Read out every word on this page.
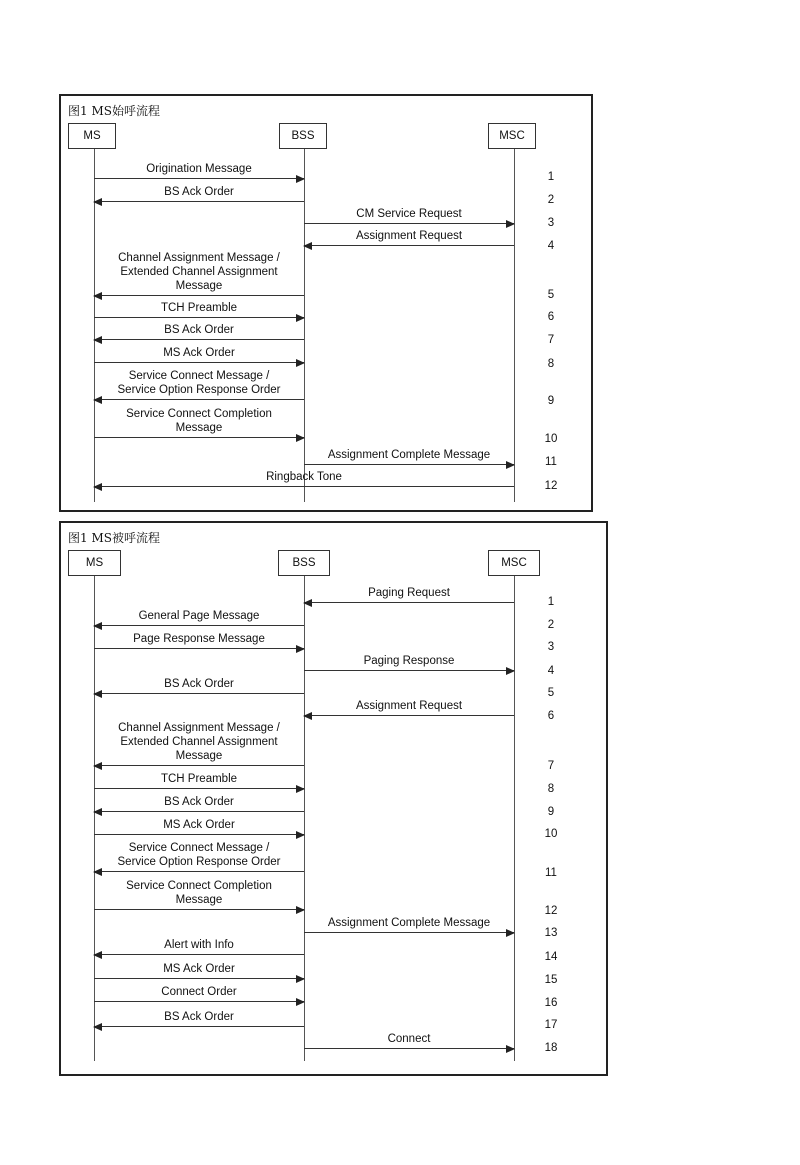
图1 MS始呼流程
MS	BSS	MSC
Origination Message
1
BS Ack Order
2
CM Service Request
3
Assignment Request
4
Channel Assignment Message /
Extended Channel Assignment
Message
5
TCH Preamble
6
BS Ack Order
7
MS Ack Order
8
Service Connect Message /
Service Option Response Order
9
Service Connect Completion
Message
10
Assignment Complete Message
11
Ringback Tone
12
图1 MS被呼流程
MS	BSS	MSC
Paging Request
1
General Page Message
2
Page Response Message
3
Paging Response
4
BS Ack Order
5
Assignment Request
6
Channel Assignment Message /
Extended Channel Assignment
Message
7
TCH Preamble
8
BS Ack Order
9
MS Ack Order
10
Service Connect Message /
Service Option Response Order
11
Service Connect Completion
Message
12
Assignment Complete Message
13
Alert with Info
14
MS Ack Order
15
Connect Order
16
BS Ack Order
17
Connect
18
